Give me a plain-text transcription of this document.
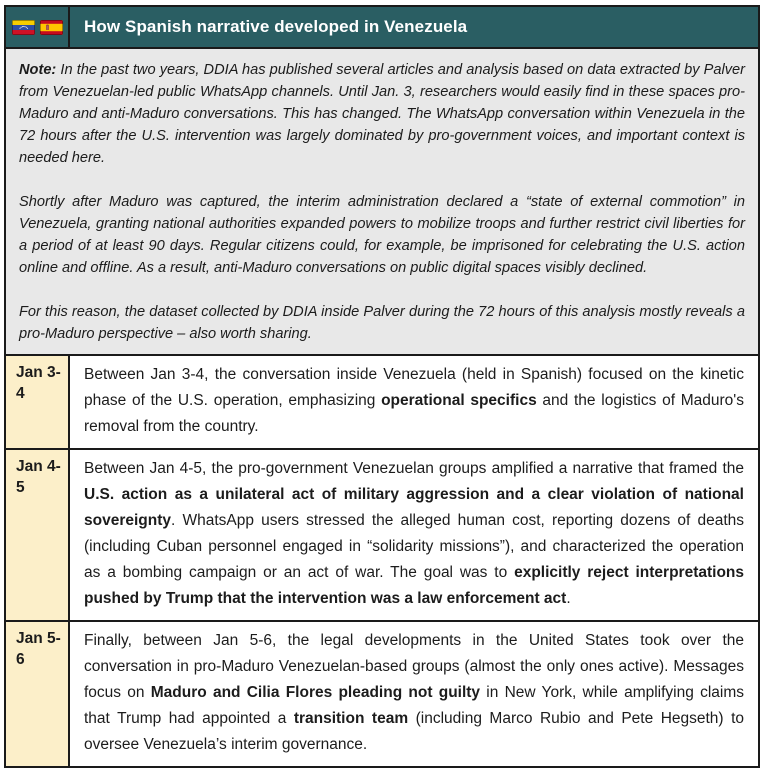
How Spanish narrative developed in Venezuela

Note: In the past two years, DDIA has published several articles and analysis based on data extracted by Palver from Venezuelan-led public WhatsApp channels. Until Jan. 3, researchers would easily find in these spaces pro-Maduro and anti-Maduro conversations. This has changed. The WhatsApp conversation within Venezuela in the 72 hours after the U.S. intervention was largely dominated by pro-government voices, and important context is needed here.

Shortly after Maduro was captured, the interim administration declared a “state of external commotion” in Venezuela, granting national authorities expanded powers to mobilize troops and further restrict civil liberties for a period of at least 90 days. Regular citizens could, for example, be imprisoned for celebrating the U.S. action online and offline. As a result, anti-Maduro conversations on public digital spaces visibly declined.

For this reason, the dataset collected by DDIA inside Palver during the 72 hours of this analysis mostly reveals a pro-Maduro perspective – also worth sharing.

Jan 3-4
Between Jan 3-4, the conversation inside Venezuela (held in Spanish) focused on the kinetic phase of the U.S. operation, emphasizing operational specifics and the logistics of Maduro's removal from the country.
Jan 4-5
Between Jan 4-5, the pro-government Venezuelan groups amplified a narrative that framed the U.S. action as a unilateral act of military aggression and a clear violation of national sovereignty. WhatsApp users stressed the alleged human cost, reporting dozens of deaths (including Cuban personnel engaged in “solidarity missions”), and characterized the operation as a bombing campaign or an act of war. The goal was to explicitly reject interpretations pushed by Trump that the intervention was a law enforcement act.
Jan 5-6
Finally, between Jan 5-6, the legal developments in the United States took over the conversation in pro-Maduro Venezuelan-based groups (almost the only ones active). Messages focus on Maduro and Cilia Flores pleading not guilty in New York, while amplifying claims that Trump had appointed a transition team (including Marco Rubio and Pete Hegseth) to oversee Venezuela’s interim governance.
